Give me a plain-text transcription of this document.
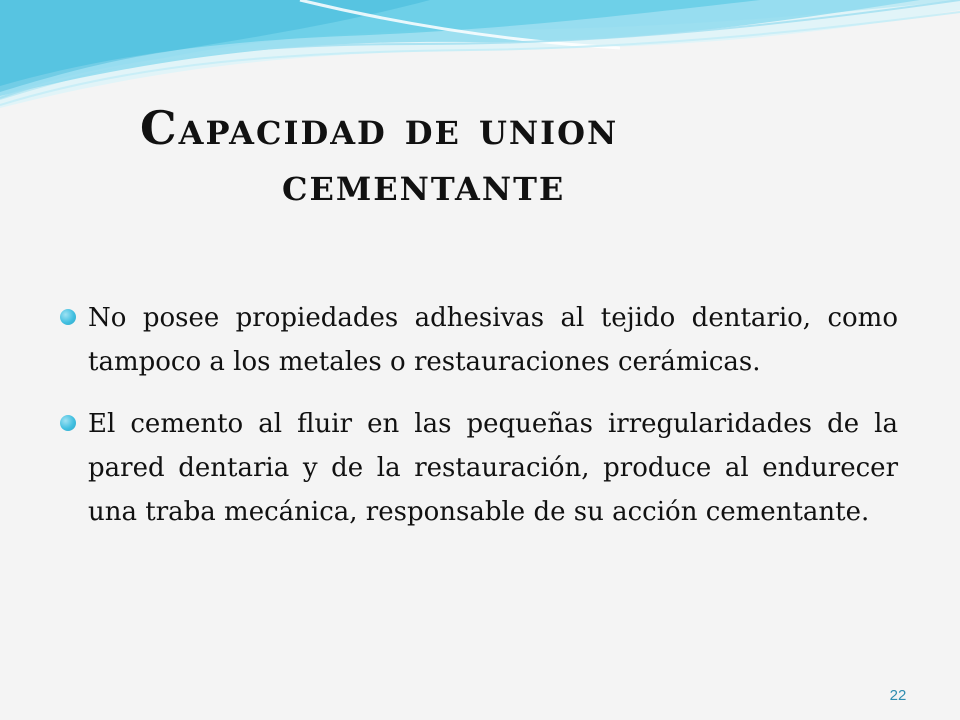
Capacidad de union
cementante
No posee propiedades adhesivas al tejido dentario, como tampoco a los metales o restauraciones cerámicas.
El cemento al fluir en las pequeñas irregularidades de la pared dentaria y de la restauración, produce al endurecer una traba mecánica, responsable de su acción cementante.
22
